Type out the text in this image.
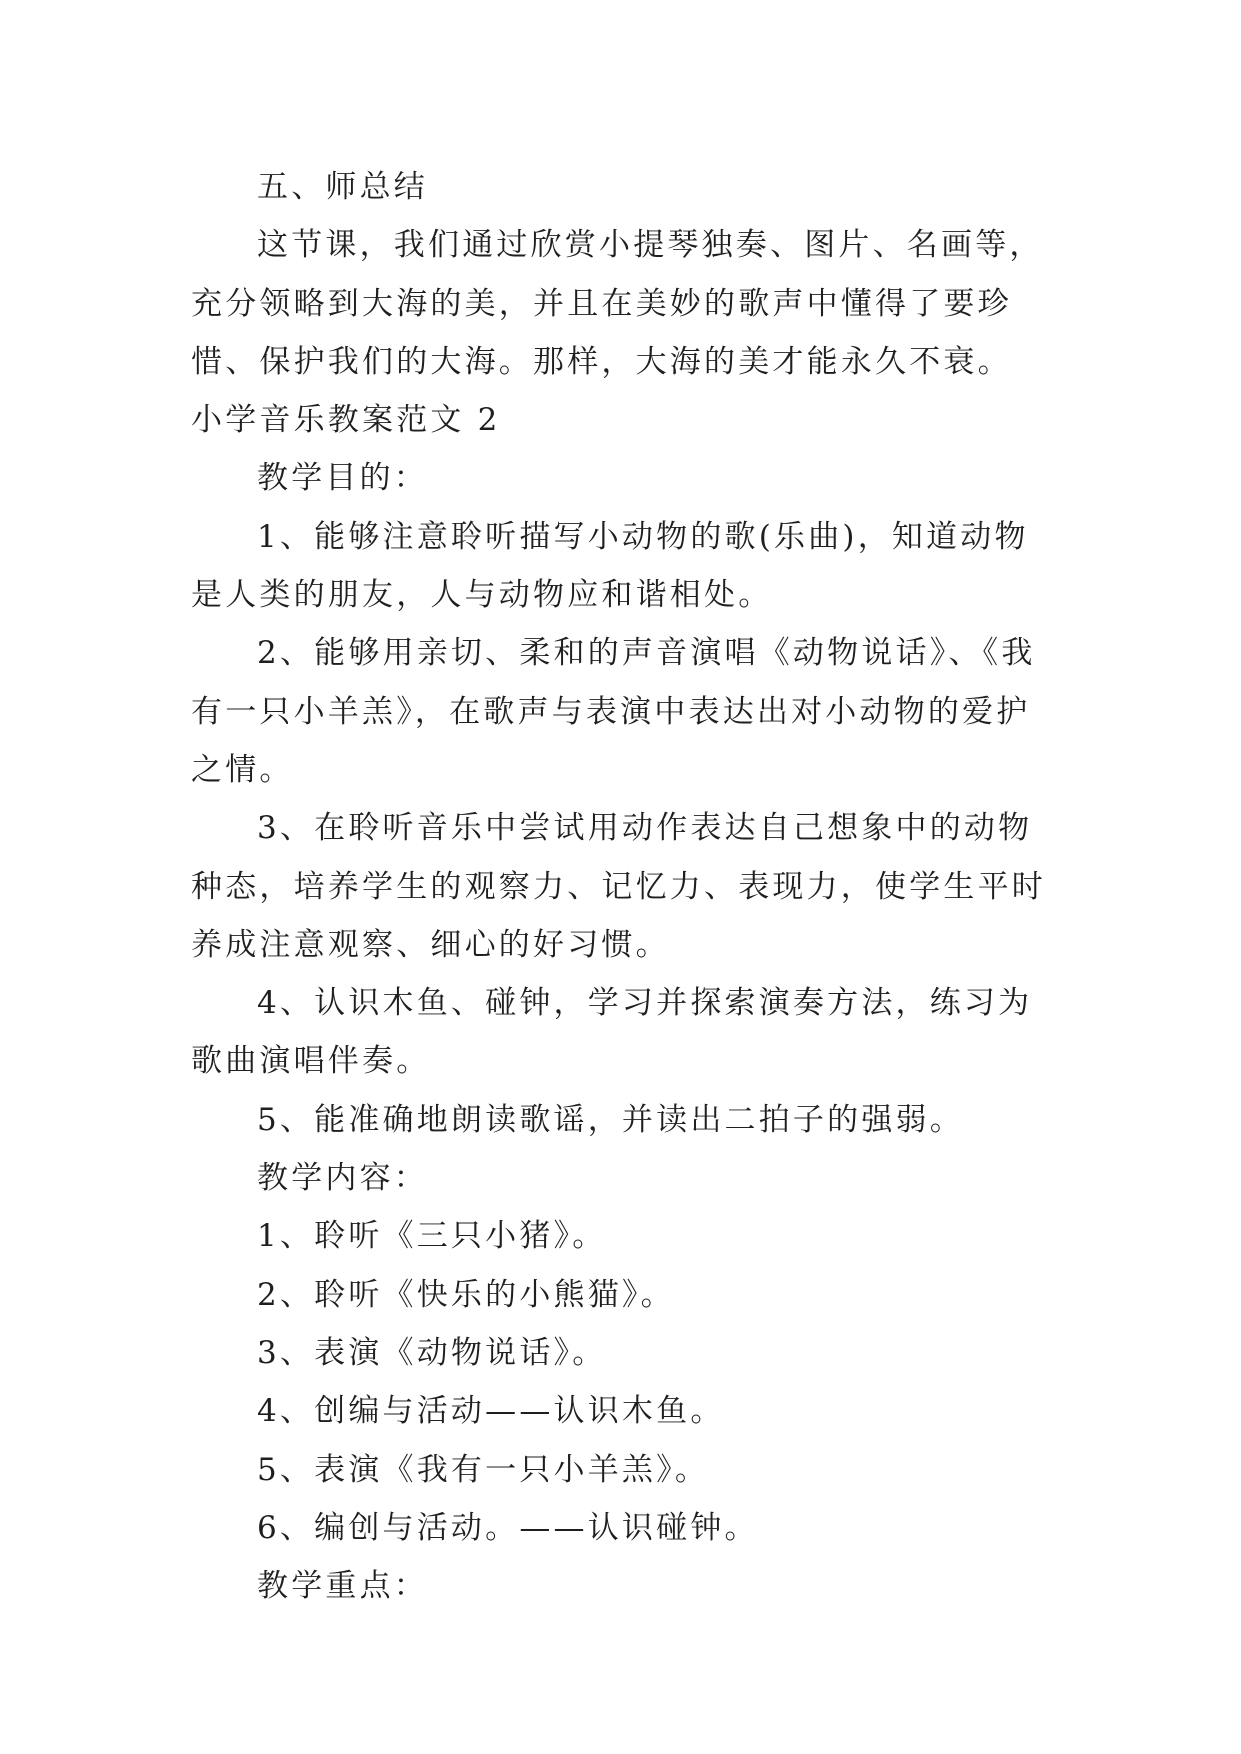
五、师总结

这节课，我们通过欣赏小提琴独奏、图片、名画等，充分领略到大海的美，并且在美妙的歌声中懂得了要珍惜、保护我们的大海。那样，大海的美才能永久不衰。

小学音乐教案范文 2

教学目的：

1、能够注意聆听描写小动物的歌(乐曲)，知道动物是人类的朋友，人与动物应和谐相处。

2、能够用亲切、柔和的声音演唱《动物说话》、《我有一只小羊羔》，在歌声与表演中表达出对小动物的爱护之情。

3、在聆听音乐中尝试用动作表达自己想象中的动物种态，培养学生的观察力、记忆力、表现力，使学生平时养成注意观察、细心的好习惯。

4、认识木鱼、碰钟，学习并探索演奏方法，练习为歌曲演唱伴奏。

5、能准确地朗读歌谣，并读出二拍子的强弱。

教学内容：

1、聆听《三只小猪》。

2、聆听《快乐的小熊猫》。

3、表演《动物说话》。

4、创编与活动——认识木鱼。

5、表演《我有一只小羊羔》。

6、编创与活动。——认识碰钟。

教学重点：
